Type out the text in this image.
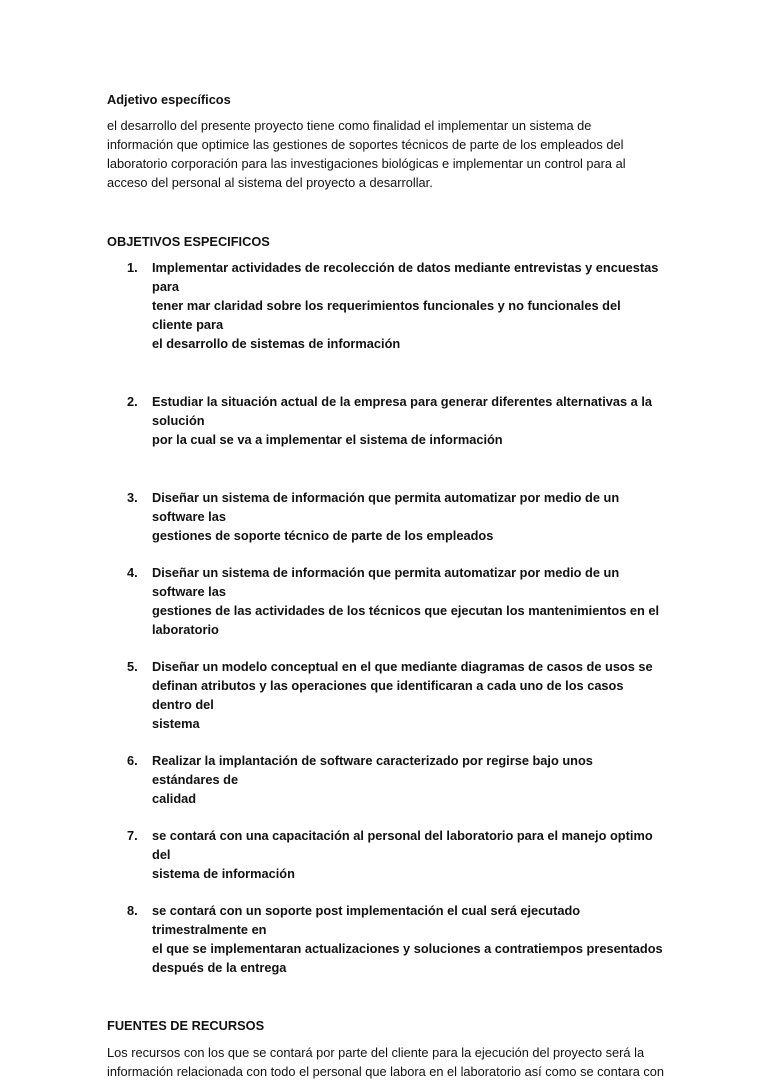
Adjetivo específicos
el desarrollo del presente proyecto tiene como finalidad el implementar un sistema de
información que optimice las gestiones de soportes técnicos de parte de los empleados del
laboratorio corporación para las investigaciones biológicas e implementar un control para al
acceso del personal al sistema del proyecto a desarrollar.
OBJETIVOS ESPECIFICOS
1.	Implementar actividades de recolección de datos mediante entrevistas y encuestas para
tener mar claridad sobre los requerimientos funcionales y no funcionales del cliente para
el desarrollo de sistemas de información
2.	Estudiar la situación actual de la empresa para generar diferentes alternativas a la solución
por la cual se va a implementar el sistema de información
3.	Diseñar un sistema de información que permita automatizar por medio de un software las
gestiones de soporte técnico de parte de los empleados
4.	Diseñar un sistema de información que permita automatizar por medio de un software las
gestiones de las actividades de los técnicos que ejecutan los mantenimientos en el
laboratorio
5.	Diseñar un modelo conceptual en el que mediante diagramas de casos de usos se
definan atributos y las operaciones que identificaran a cada uno de los casos dentro del
sistema
6.	Realizar la implantación de software caracterizado por regirse bajo unos estándares de
calidad
7.	se contará con una capacitación al personal del laboratorio para el manejo optimo del
sistema de información
8.	se contará con un soporte post implementación el cual será ejecutado trimestralmente en
el que se implementaran actualizaciones y soluciones a contratiempos presentados
después de la entrega
FUENTES DE RECURSOS
Los recursos con los que se contará por parte del cliente para la ejecución del proyecto será la
información relacionada con todo el personal que labora en el laboratorio así como se contara con
